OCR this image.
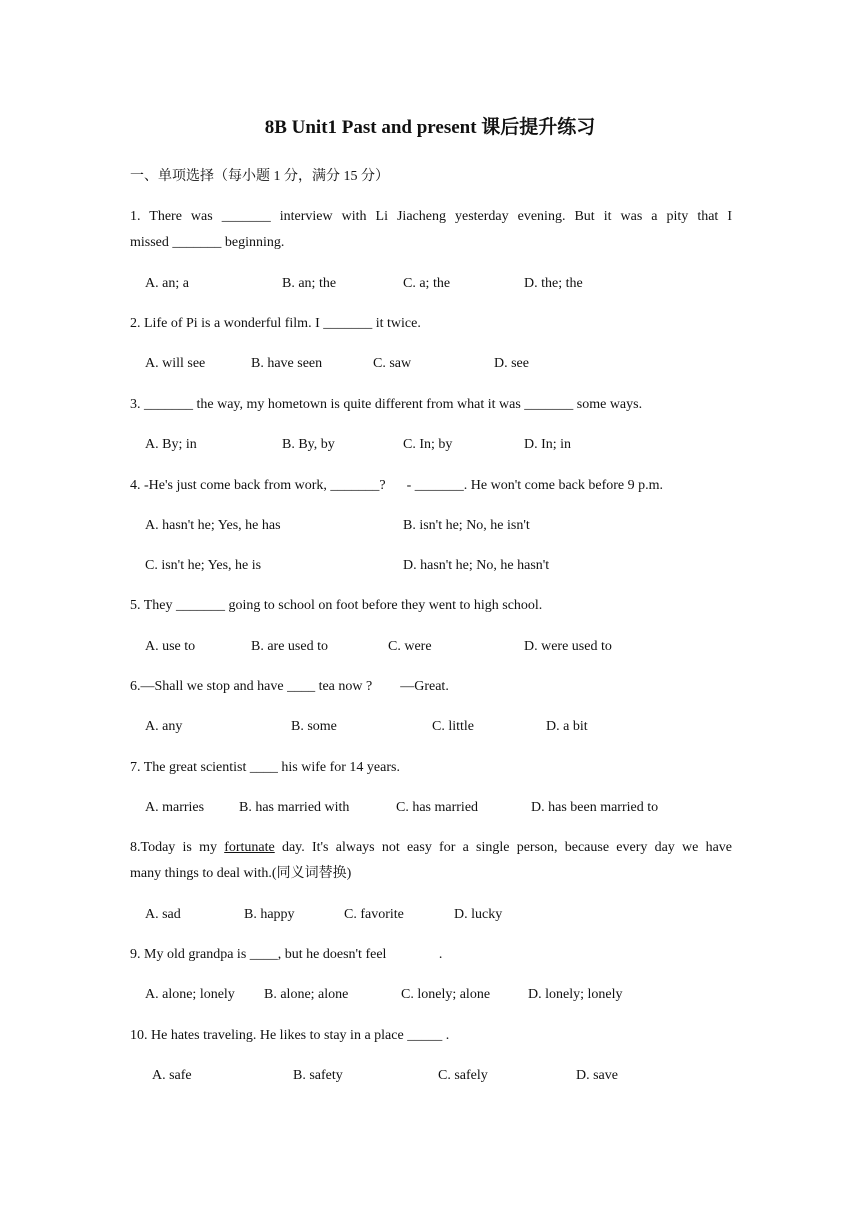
8B Unit1 Past and present 课后提升练习
一、单项选择（每小题 1 分，满分 15 分）
1. There was _______ interview with Li Jiacheng yesterday evening. But it was a pity that I
missed _______ beginning.
A. an; a	B. an; the	C. a; the	D. the; the
2. Life of Pi is a wonderful film. I _______ it twice.
A. will see	B. have seen	C. saw	D. see
3. _______ the way, my hometown is quite different from what it was _______ some ways.
A. By; in	B. By, by	C. In; by	D. In; in
4. -He's just come back from work, _______?      - _______. He won't come back before 9 p.m.
A. hasn't he; Yes, he has	B. isn't he; No, he isn't
C. isn't he; Yes, he is	D. hasn't he; No, he hasn't
5. They _______ going to school on foot before they went to high school.
A. use to	B. are used to	C. were	D. were used to
6.—Shall we stop and have ____ tea now ?        —Great.
A. any	B. some	C. little	D. a bit
7. The great scientist ____ his wife for 14 years.
A. marries B. has married with	C. has married	D. has been married to
8.Today is my fortunate day. It's always not easy for a single person, because every day we have
many things to deal with.(同义词替换)
A. sad	B. happy	C. favorite	D. lucky
9. My old grandpa is ____, but he doesn't feel               .
A. alone; lonely B. alone; alone	C. lonely; alone	D. lonely; lonely
10. He hates traveling. He likes to stay in a place _____ .
A. safe	B. safety	C. safely	D. save
